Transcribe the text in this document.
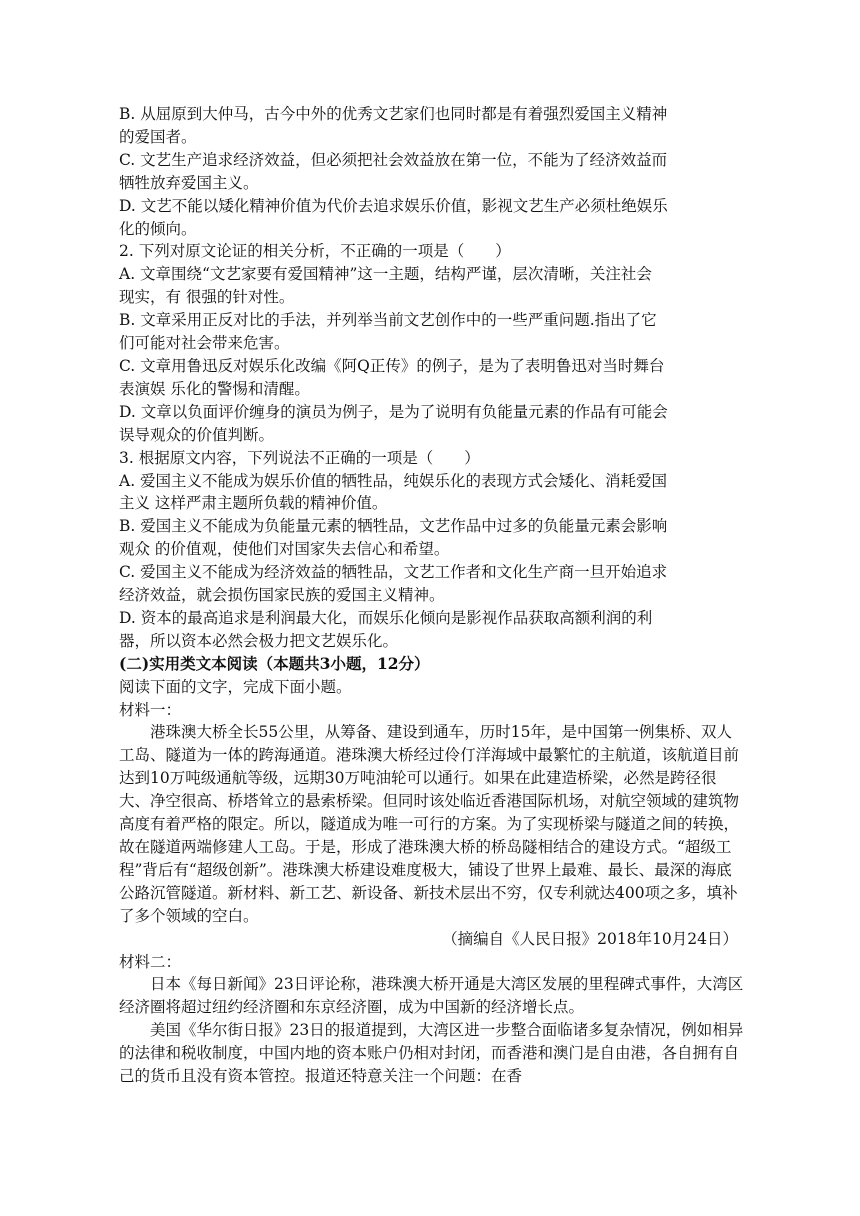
B. 从屈原到大仲马，古今中外的优秀文艺家们也同时都是有着强烈爱国主义精神

的爱国者。

C. 文艺生产追求经济效益，但必须把社会效益放在第一位，不能为了经济效益而

牺牲放弃爱国主义。

D. 文艺不能以矮化精神价值为代价去追求娱乐价值，影视文艺生产必须杜绝娱乐

化的倾向。

2. 下列对原文论证的相关分析，不正确的一项是（　　）

A. 文章围绕“文艺家要有爱国精神”这一主题，结构严谨，层次清晰，关注社会

现实，有 很强的针对性。

B. 文章采用正反对比的手法，并列举当前文艺创作中的一些严重问题.指出了它

们可能对社会带来危害。

C. 文章用鲁迅反对娱乐化改编《阿Q正传》的例子，是为了表明鲁迅对当时舞台

表演娱 乐化的警惕和清醒。

D. 文章以负面评价缠身的演员为例子，是为了说明有负能量元素的作品有可能会

误导观众的价值判断。

3. 根据原文内容，下列说法不正确的一项是（　　）

A. 爱国主义不能成为娱乐价值的牺牲品，纯娱乐化的表现方式会矮化、消耗爱国

主义 这样严肃主题所负载的精神价值。

B. 爱国主义不能成为负能量元素的牺牲品，文艺作品中过多的负能量元素会影响

观众 的价值观，使他们对国家失去信心和希望。

C. 爱国主义不能成为经济效益的牺牲品，文艺工作者和文化生产商一旦开始追求

经济效益，就会损伤国家民族的爱国主义精神。

D. 资本的最高追求是利润最大化，而娱乐化倾向是影视作品获取高额利润的利

器，所以资本必然会极力把文艺娱乐化。

(二)实用类文本阅读（本题共3小题，12分）

阅读下面的文字，完成下面小题。

材料一：

港珠澳大桥全长55公里，从筹备、建设到通车，历时15年，是中国第一例集桥、双人工岛、隧道为一体的跨海通道。港珠澳大桥经过伶仃洋海域中最繁忙的主航道，该航道目前达到10万吨级通航等级，远期30万吨油轮可以通行。如果在此建造桥梁，必然是跨径很大、净空很高、桥塔耸立的悬索桥梁。但同时该处临近香港国际机场，对航空领域的建筑物高度有着严格的限定。所以，隧道成为唯一可行的方案。为了实现桥梁与隧道之间的转换，故在隧道两端修建人工岛。于是，形成了港珠澳大桥的桥岛隧相结合的建设方式。“超级工程”背后有“超级创新”。港珠澳大桥建设难度极大，铺设了世界上最难、最长、最深的海底公路沉管隧道。新材料、新工艺、新设备、新技术层出不穷，仅专利就达400项之多，填补了多个领域的空白。

（摘编自《人民日报》2018年10月24日）

材料二：

日本《每日新闻》23日评论称，港珠澳大桥开通是大湾区发展的里程碑式事件，大湾区经济圈将超过纽约经济圈和东京经济圈，成为中国新的经济增长点。

美国《华尔街日报》23日的报道提到，大湾区进一步整合面临诸多复杂情况，例如相异的法律和税收制度，中国内地的资本账户仍相对封闭，而香港和澳门是自由港，各自拥有自己的货币且没有资本管控。报道还特意关注一个问题：在香
